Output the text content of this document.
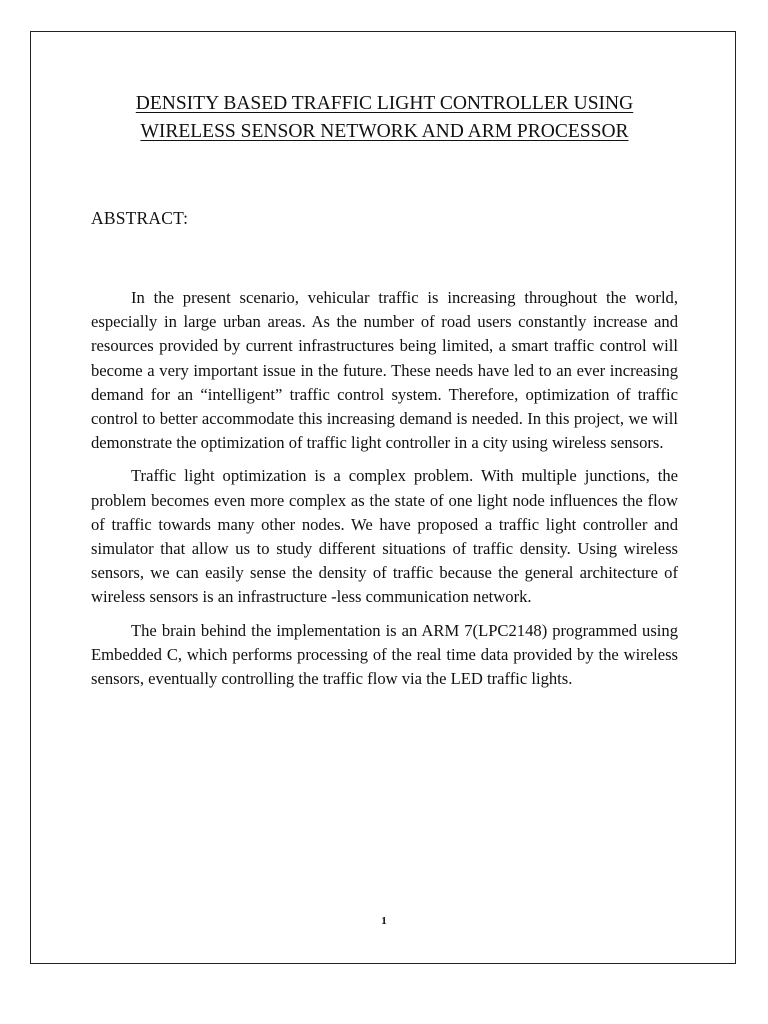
DENSITY BASED TRAFFIC LIGHT CONTROLLER USING
WIRELESS SENSOR NETWORK AND ARM PROCESSOR
ABSTRACT:

In the present scenario, vehicular traffic is increasing throughout the world, especially in large urban areas. As the number of road users constantly increase and resources provided by current infrastructures being limited, a smart traffic control will become a very important issue in the future. These needs have led to an ever increasing demand for an “intelligent” traffic control system. Therefore, optimization of traffic control to better accommodate this increasing demand is needed. In this project, we will demonstrate the optimization of traffic light controller in a city using wireless sensors.

Traffic light optimization is a complex problem. With multiple junctions, the problem becomes even more complex as the state of one light node influences the flow of traffic towards many other nodes. We have proposed a traffic light controller and simulator that allow us to study different situations of traffic density. Using wireless sensors, we can easily sense the density of traffic because the general architecture of wireless sensors is an infrastructure -less communication network.

The brain behind the implementation is an ARM 7(LPC2148) programmed using Embedded C, which performs processing of the real time data provided by the wireless sensors, eventually controlling the traffic flow via the LED traffic lights.

1
